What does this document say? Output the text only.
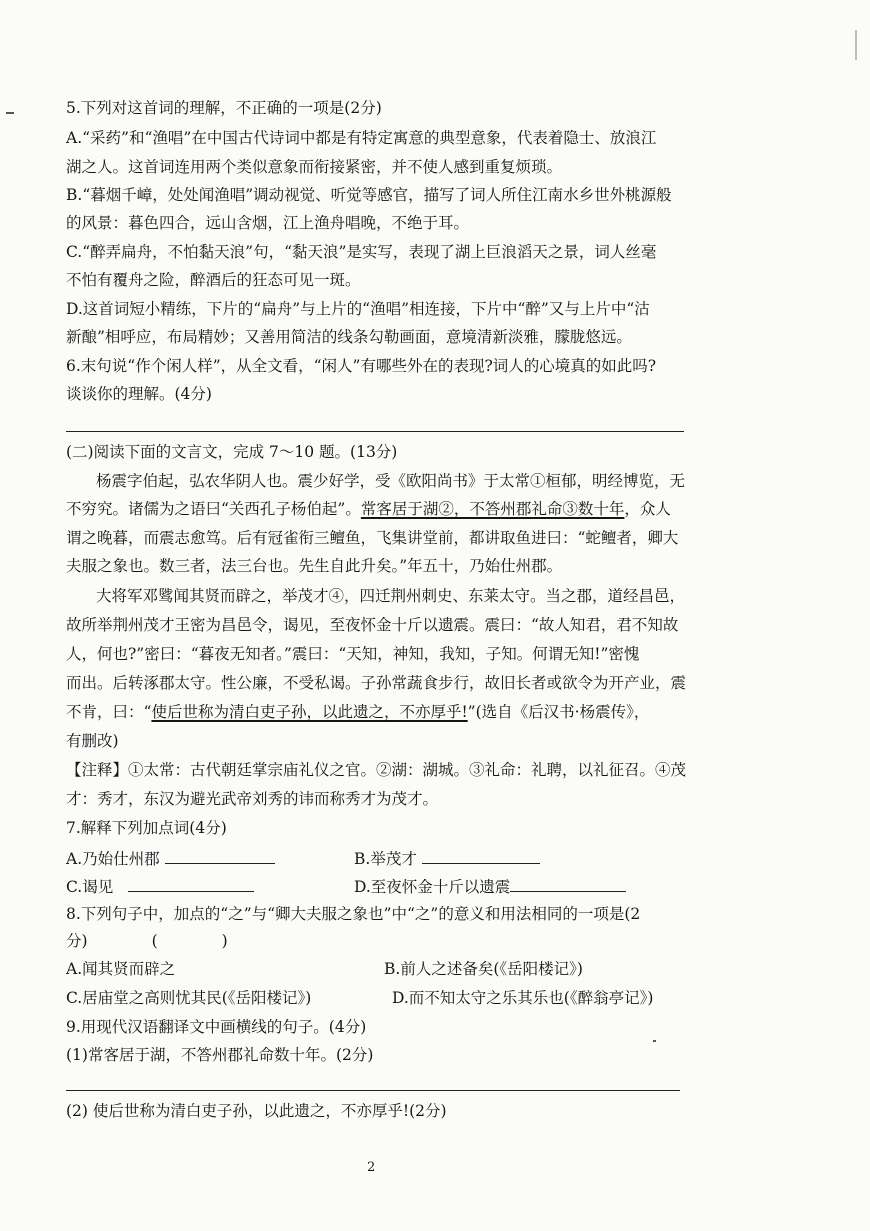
5.下列对这首词的理解，不正确的一项是(2分)
A.“采药”和“渔唱”在中国古代诗词中都是有特定寓意的典型意象，代表着隐士、放浪江
湖之人。这首词连用两个类似意象而衔接紧密，并不使人感到重复烦琐。
B.“暮烟千嶂，处处闻渔唱”调动视觉、听觉等感官，描写了词人所住江南水乡世外桃源般
的风景：暮色四合，远山含烟，江上渔舟唱晚，不绝于耳。
C.“醉弄扁舟，不怕黏天浪”句，“黏天浪”是实写，表现了湖上巨浪滔天之景，词人丝毫
不怕有覆舟之险，醉酒后的狂态可见一斑。
D.这首词短小精练，下片的“扁舟”与上片的“渔唱”相连接，下片中“醉”又与上片中“沽
新酿”相呼应，布局精妙；又善用简洁的线条勾勒画面，意境清新淡雅，朦胧悠远。
6.末句说“作个闲人样”，从全文看，“闲人”有哪些外在的表现?词人的心境真的如此吗?
谈谈你的理解。(4分)
(二)阅读下面的文言文，完成 7～10 题。(13分)
杨震字伯起，弘农华阴人也。震少好学，受《欧阳尚书》于太常①桓郁，明经博览，无
不穷究。诸儒为之语曰“关西孔子杨伯起”。常客居于湖②，不答州郡礼命③数十年，众人
谓之晚暮，而震志愈笃。后有冠雀衔三鳣鱼，飞集讲堂前，都讲取鱼进曰：“蛇鳣者，卿大
夫服之象也。数三者，法三台也。先生自此升矣。”年五十，乃始仕州郡。
大将军邓骘闻其贤而辟之，举茂才④，四迁荆州刺史、东莱太守。当之郡，道经昌邑，
故所举荆州茂才王密为昌邑令，谒见，至夜怀金十斤以遗震。震曰：“故人知君，君不知故
人，何也?”密曰：“暮夜无知者。”震曰：“天知，神知，我知，子知。何谓无知!”密愧
而出。后转涿郡太守。性公廉，不受私谒。子孙常蔬食步行，故旧长者或欲令为开产业，震
不肯，曰：“使后世称为清白吏子孙，以此遗之，不亦厚乎!”(选自《后汉书·杨震传》，
有删改)
【注释】①太常：古代朝廷掌宗庙礼仪之官。②湖：湖城。③礼命：礼聘，以礼征召。④茂
才：秀才，东汉为避光武帝刘秀的讳而称秀才为茂才。
7.解释下列加点词(4分)
A.乃始仕州郡	B.举茂才
C.谒见	D.至夜怀金十斤以遗震
8.下列句子中，加点的“之”与“卿大夫服之象也”中“之”的意义和用法相同的一项是(2
分)	(	)
A.闻其贤而辟之	B.前人之述备矣(《岳阳楼记》)
C.居庙堂之高则忧其民(《岳阳楼记》)	D.而不知太守之乐其乐也(《醉翁亭记》)
9.用现代汉语翻译文中画横线的句子。(4分)
(1)常客居于湖，不答州郡礼命数十年。(2分)
(2) 使后世称为清白吏子孙，以此遗之，不亦厚乎!(2分)
2
